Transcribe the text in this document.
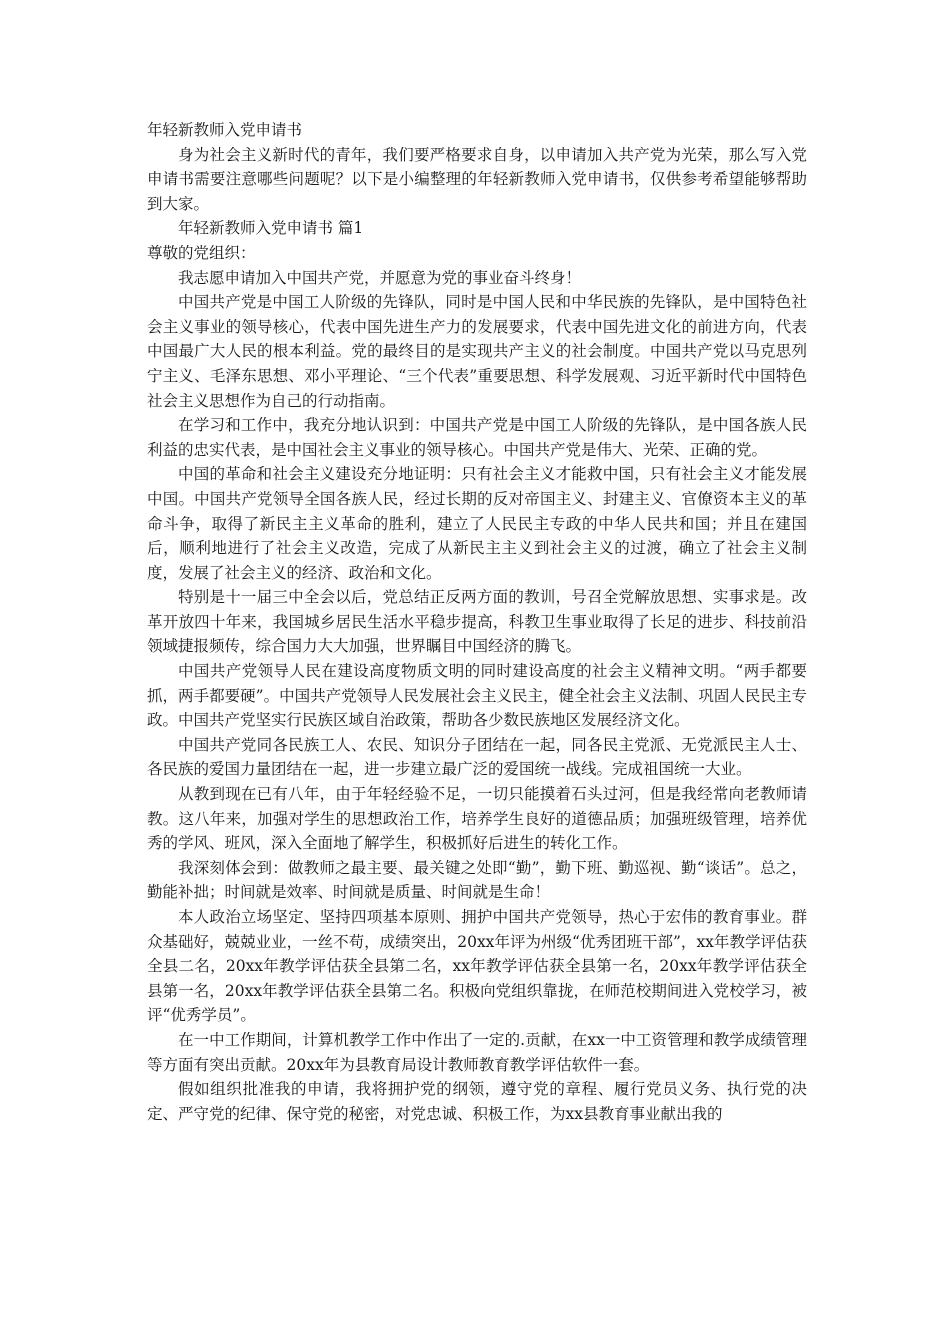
年轻新教师入党申请书

身为社会主义新时代的青年，我们要严格要求自身，以申请加入共产党为光荣，那么写入党申请书需要注意哪些问题呢？以下是小编整理的年轻新教师入党申请书，仅供参考希望能够帮助到大家。

年轻新教师入党申请书 篇1

尊敬的党组织：

我志愿申请加入中国共产党，并愿意为党的事业奋斗终身！

中国共产党是中国工人阶级的先锋队，同时是中国人民和中华民族的先锋队，是中国特色社会主义事业的领导核心，代表中国先进生产力的发展要求，代表中国先进文化的前进方向，代表中国最广大人民的根本利益。党的最终目的是实现共产主义的社会制度。中国共产党以马克思列宁主义、毛泽东思想、邓小平理论、“三个代表”重要思想、科学发展观、习近平新时代中国特色社会主义思想作为自己的行动指南。

在学习和工作中，我充分地认识到：中国共产党是中国工人阶级的先锋队，是中国各族人民利益的忠实代表，是中国社会主义事业的领导核心。中国共产党是伟大、光荣、正确的党。

中国的革命和社会主义建设充分地证明：只有社会主义才能救中国，只有社会主义才能发展中国。中国共产党领导全国各族人民，经过长期的反对帝国主义、封建主义、官僚资本主义的革命斗争，取得了新民主主义革命的胜利，建立了人民民主专政的中华人民共和国；并且在建国后，顺利地进行了社会主义改造，完成了从新民主主义到社会主义的过渡，确立了社会主义制度，发展了社会主义的经济、政治和文化。

特别是十一届三中全会以后，党总结正反两方面的教训，号召全党解放思想、实事求是。改革开放四十年来，我国城乡居民生活水平稳步提高，科教卫生事业取得了长足的进步、科技前沿领域捷报频传，综合国力大大加强，世界瞩目中国经济的腾飞。

中国共产党领导人民在建设高度物质文明的同时建设高度的社会主义精神文明。“两手都要抓，两手都要硬”。中国共产党领导人民发展社会主义民主，健全社会主义法制、巩固人民民主专政。中国共产党坚实行民族区域自治政策，帮助各少数民族地区发展经济文化。

中国共产党同各民族工人、农民、知识分子团结在一起，同各民主党派、无党派民主人士、各民族的爱国力量团结在一起，进一步建立最广泛的爱国统一战线。完成祖国统一大业。

从教到现在已有八年，由于年轻经验不足，一切只能摸着石头过河，但是我经常向老教师请教。这八年来，加强对学生的思想政治工作，培养学生良好的道德品质；加强班级管理，培养优秀的学风、班风，深入全面地了解学生，积极抓好后进生的转化工作。

我深刻体会到：做教师之最主要、最关键之处即“勤”，勤下班、勤巡视、勤“谈话”。总之，勤能补拙；时间就是效率、时间就是质量、时间就是生命！

本人政治立场坚定、坚持四项基本原则、拥护中国共产党领导，热心于宏伟的教育事业。群众基础好，兢兢业业，一丝不苟，成绩突出，20xx年评为州级“优秀团班干部”，xx年教学评估获全县二名，20xx年教学评估获全县第二名，xx年教学评估获全县第一名，20xx年教学评估获全县第一名，20xx年教学评估获全县第二名。积极向党组织靠拢，在师范校期间进入党校学习，被评“优秀学员”。

在一中工作期间，计算机教学工作中作出了一定的.贡献，在xx一中工资管理和教学成绩管理等方面有突出贡献。20xx年为县教育局设计教师教育教学评估软件一套。

假如组织批准我的申请，我将拥护党的纲领，遵守党的章程、履行党员义务、执行党的决定、严守党的纪律、保守党的秘密，对党忠诚、积极工作，为xx县教育事业献出我的
